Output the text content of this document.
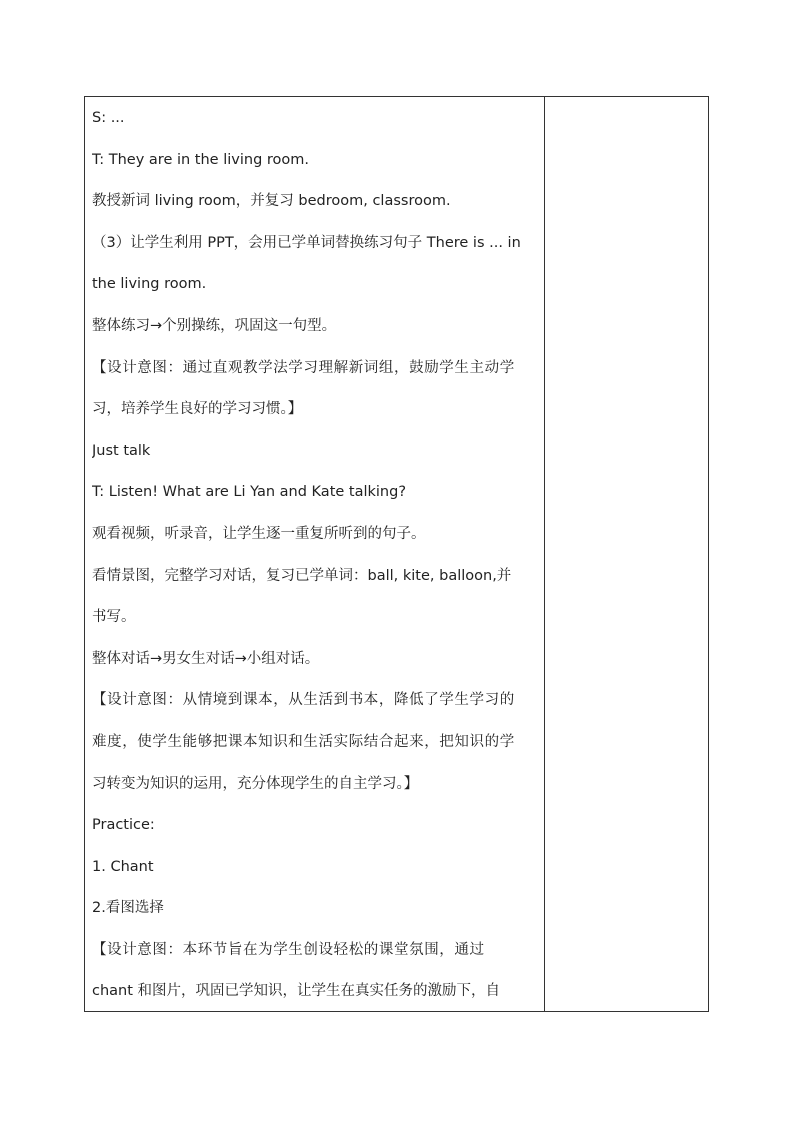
S: ...
T: They are in the living room.
教授新词 living room，并复习 bedroom, classroom.
（3）让学生利用 PPT，会用已学单词替换练习句子 There is ... in
the living room.
整体练习→个别操练，巩固这一句型。
【设计意图：通过直观教学法学习理解新词组，鼓励学生主动学
习，培养学生良好的学习习惯。】
Just talk
T: Listen! What are Li Yan and Kate talking?
观看视频，听录音，让学生逐一重复所听到的句子。
看情景图，完整学习对话，复习已学单词：ball, kite, balloon,并
书写。
整体对话→男女生对话→小组对话。
【设计意图：从情境到课本，从生活到书本，降低了学生学习的
难度，使学生能够把课本知识和生活实际结合起来，把知识的学
习转变为知识的运用，充分体现学生的自主学习。】
Practice:
1. Chant
2.看图选择
【设计意图：本环节旨在为学生创设轻松的课堂氛围，通过
chant 和图片，巩固已学知识，让学生在真实任务的激励下，自
